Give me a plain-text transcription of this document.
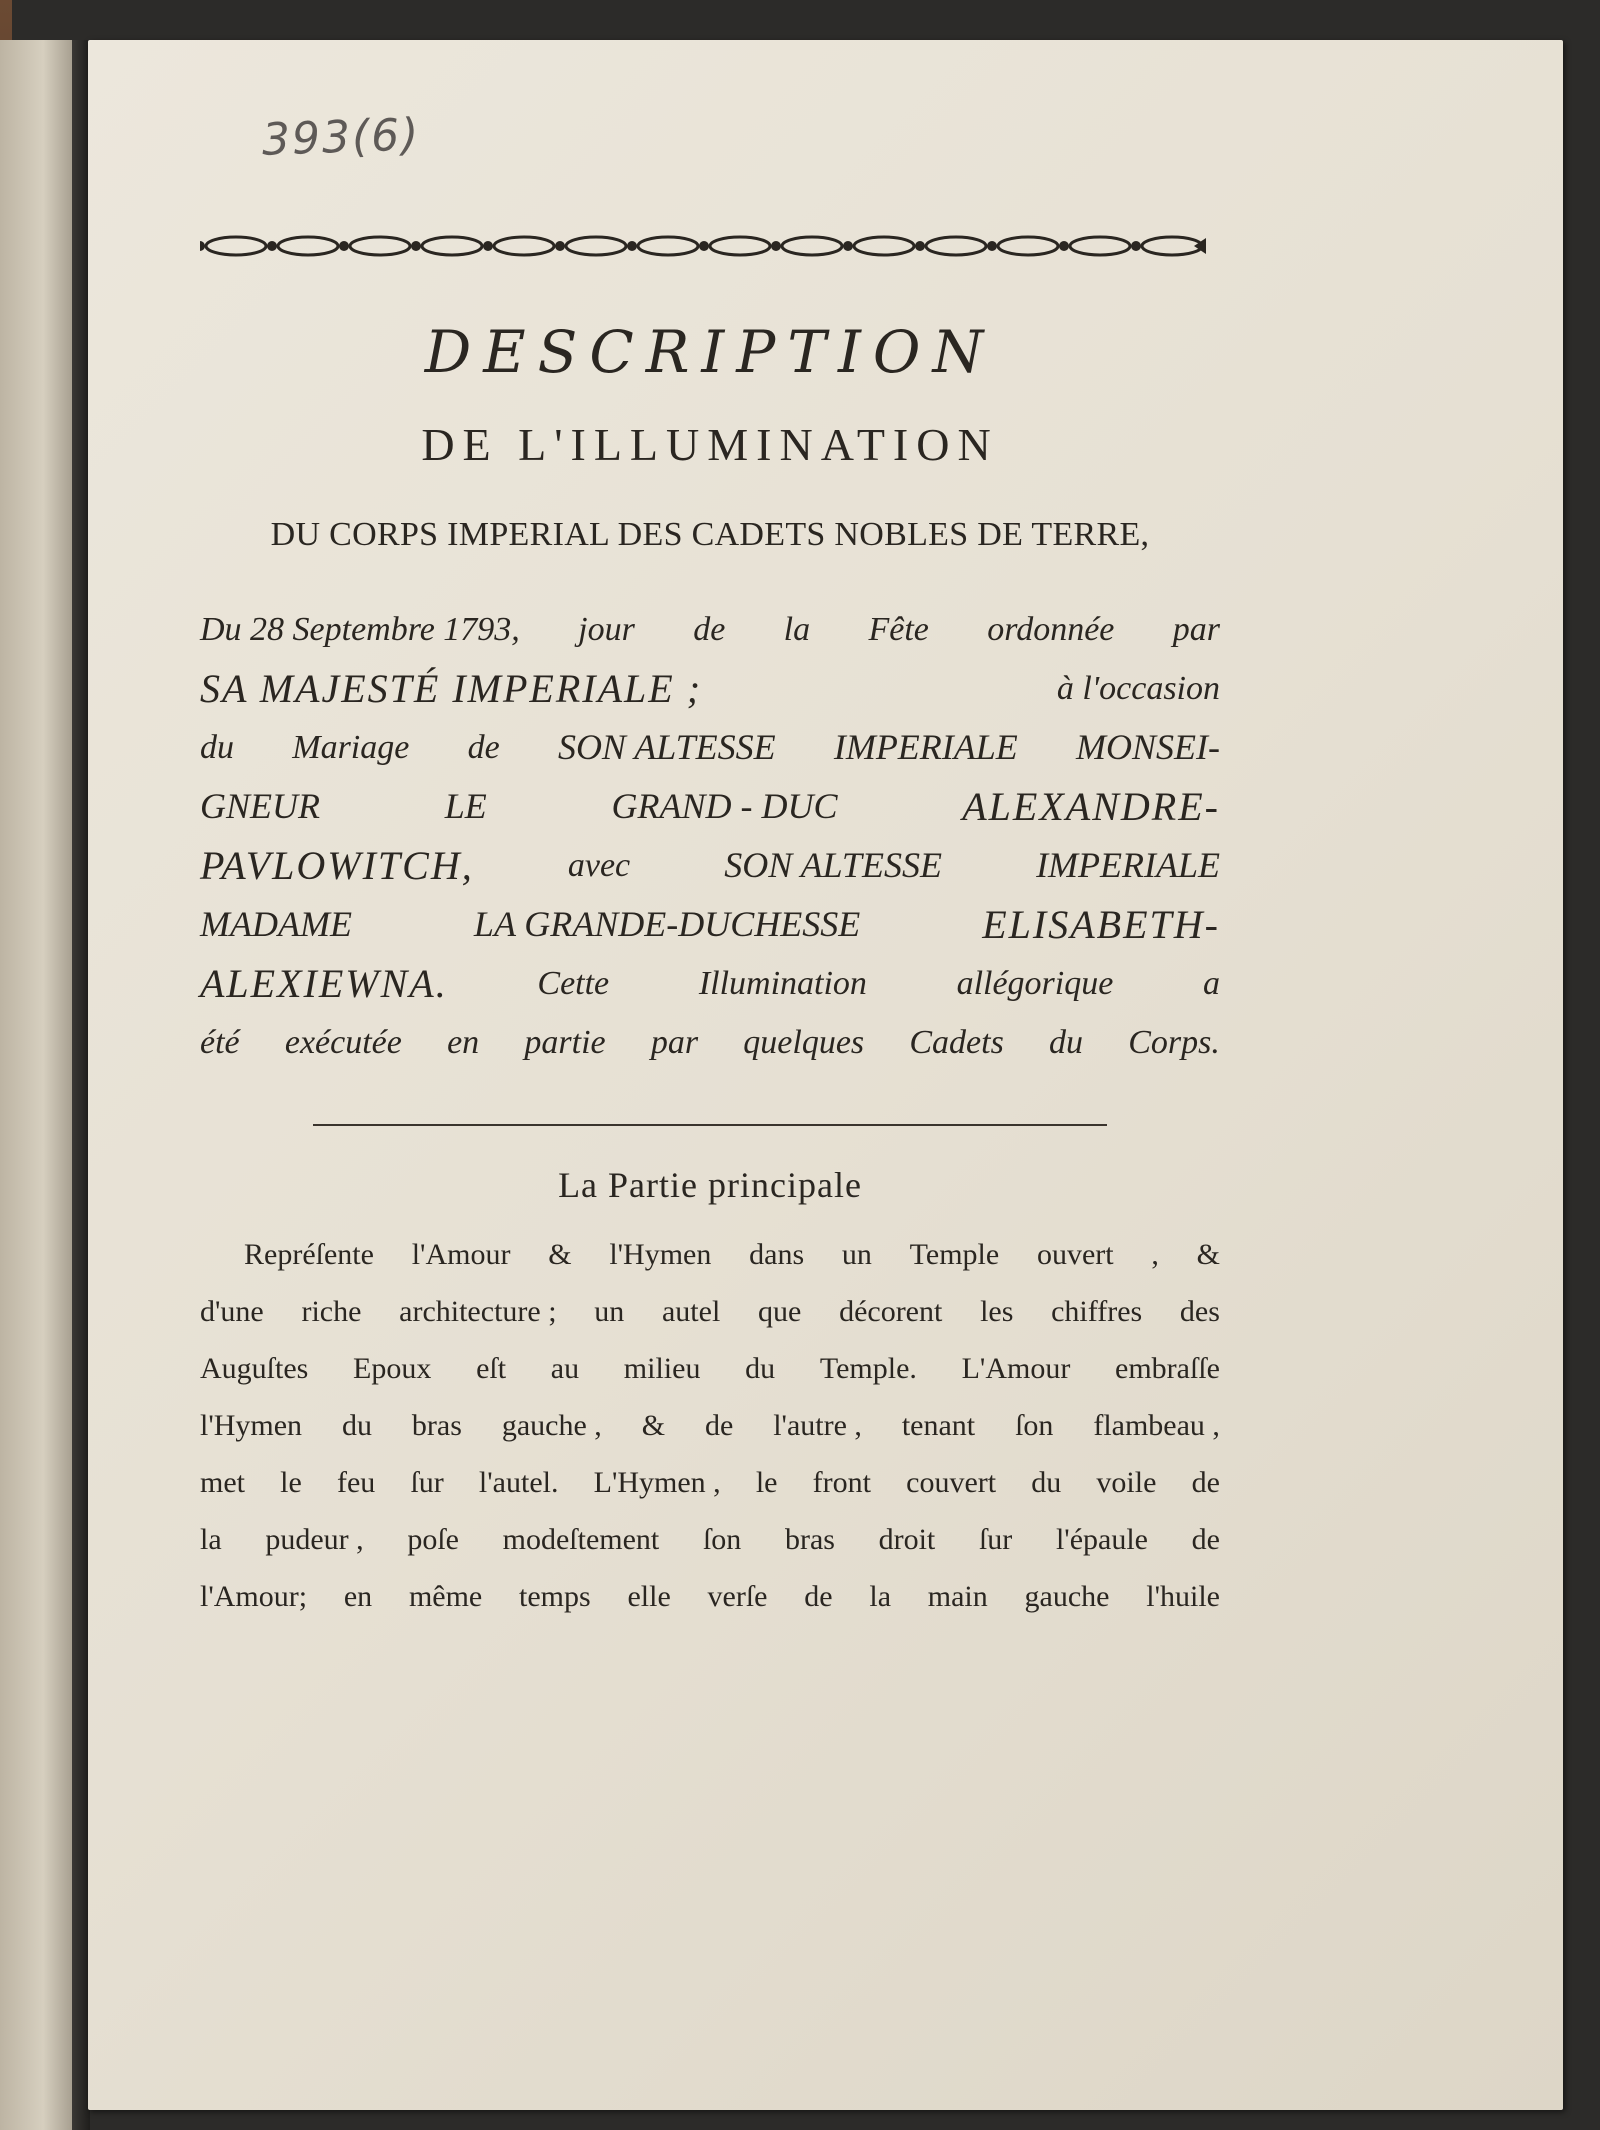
393(6)
DESCRIPTION
DE L'ILLUMINATION
DU CORPS IMPERIAL DES CADETS NOBLES DE TERRE,
Du 28 Septembre 1793, jour de la Fête ordonnée par
SA MAJESTÉ IMPERIALE ;	à l'occasion
du Mariage de SON ALTESSE IMPERIALE MONSEI-
GNEUR	LE	GRAND - DUC	ALEXANDRE-
PAVLOWITCH,	avec	SON ALTESSE	IMPERIALE
MADAME	LA GRANDE-DUCHESSE	ELISABETH-
ALEXIEWNA.	Cette	Illumination	allégorique	a
été exécutée en partie par quelques Cadets du Corps.
La Partie principale
Repréſente l'Amour & l'Hymen dans un Temple ouvert , &
d'une riche architecture ; un autel que décorent les chiffres des
Auguſtes Epoux eſt au milieu du Temple. L'Amour embraſſe
l'Hymen du bras gauche , & de l'autre , tenant ſon flambeau ,
met le feu ſur l'autel. L'Hymen , le front couvert du voile de
la pudeur , poſe modeſtement ſon bras droit ſur l'épaule de
l'Amour; en même temps elle verſe de la main gauche l'huile
